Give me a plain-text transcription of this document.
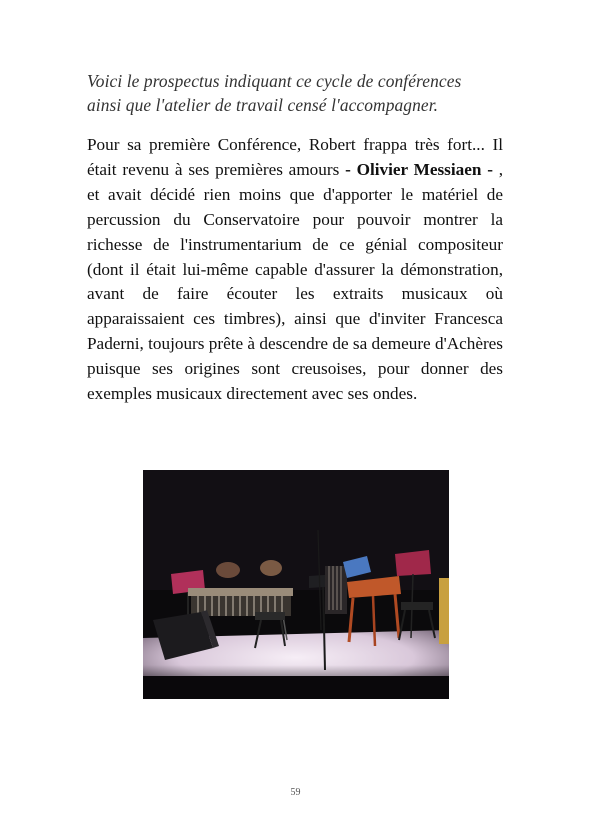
Voici le prospectus indiquant ce cycle de conférences
ainsi que l'atelier de travail censé l'accompagner.

Pour sa première Conférence, Robert frappa très fort... Il était revenu à ses premières amours - Olivier Messiaen - , et avait décidé rien moins que d'apporter le matériel de percussion du Conservatoire pour pouvoir montrer la richesse de l'instrumentarium de ce génial compositeur (dont il était lui-même capable d'assurer la démonstration, avant de faire écouter les extraits musicaux où apparaissaient ces timbres), ainsi que d'inviter Francesca Paderni, toujours prête à descendre de sa demeure d'Achères puisque ses origines sont creusoises, pour donner des exemples musicaux directement avec ses ondes.

59
